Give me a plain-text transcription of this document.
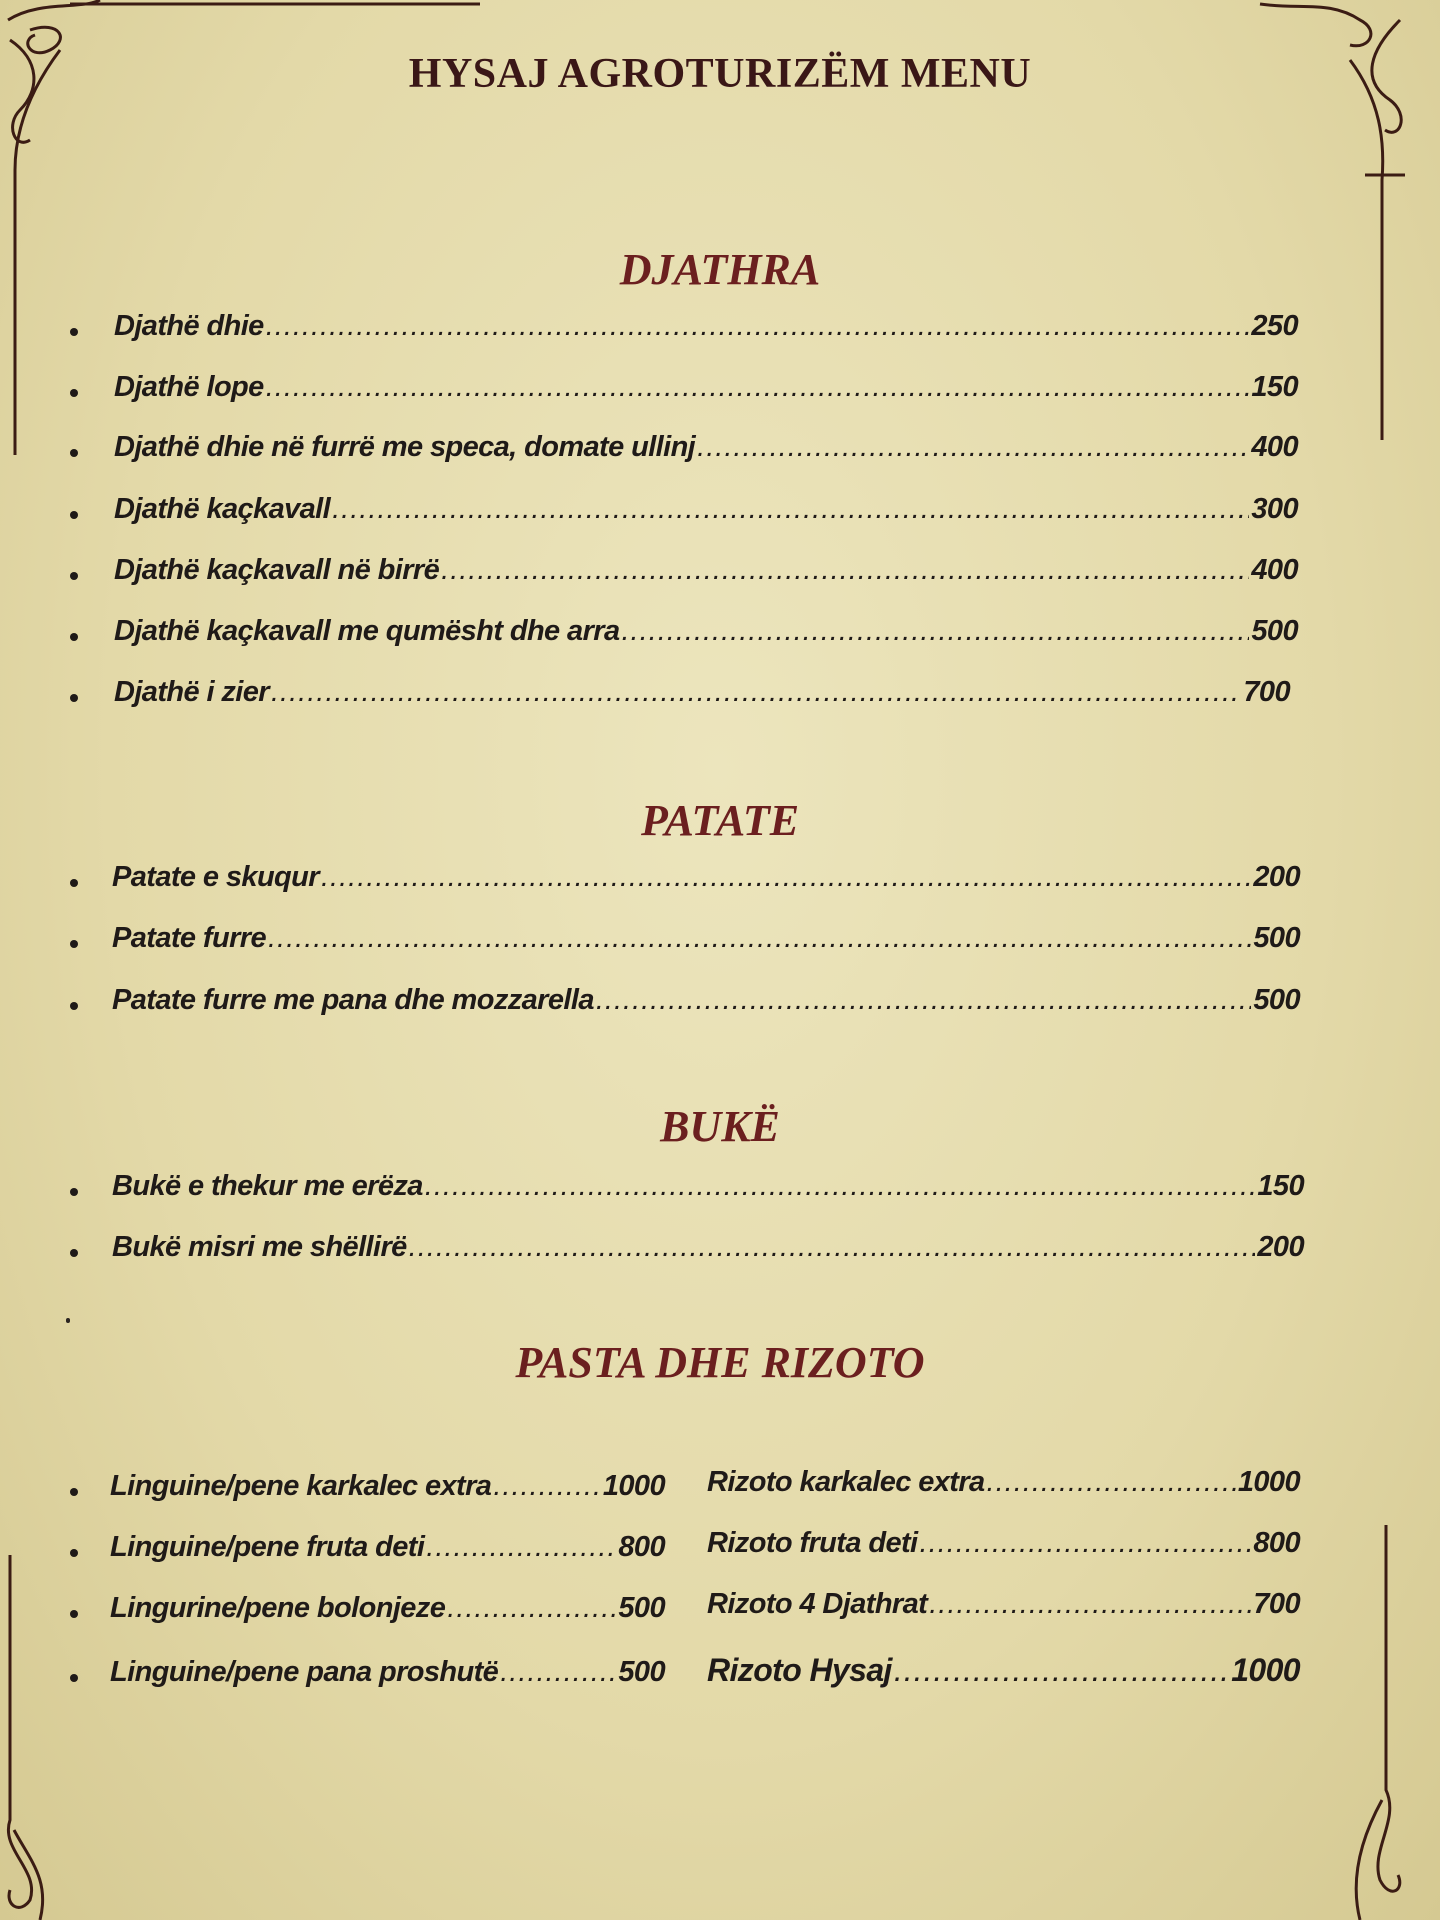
HYSAJ AGROTURIZËM MENU
DJATHRA
Djathë dhie .....	250
Djathë lope .....	150
Djathë dhie në furrë me speca, domate ullinj .....	400
Djathë kaçkavall .....	300
Djathë kaçkavall në birrë .....	400
Djathë kaçkavall me qumësht dhe arra .....	500
Djathë i zier .....	700
PATATE
Patate e skuqur .....	200
Patate furre .....	500
Patate furre me pana dhe mozzarella .....	500
BUKË
Bukë e thekur me erëza .....	150
Bukë misri me shëllirë .....	200
PASTA DHE RIZOTO
Linguine/pene karkalec extra .....	1000 Rizoto karkalec extra .....	1000
Linguine/pene fruta deti .....	800 Rizoto fruta deti .....	800
Lingurine/pene bolonjeze .....	500 Rizoto 4 Djathrat .....	700
Linguine/pene pana proshutë .....	500 Rizoto Hysaj .....	1000
